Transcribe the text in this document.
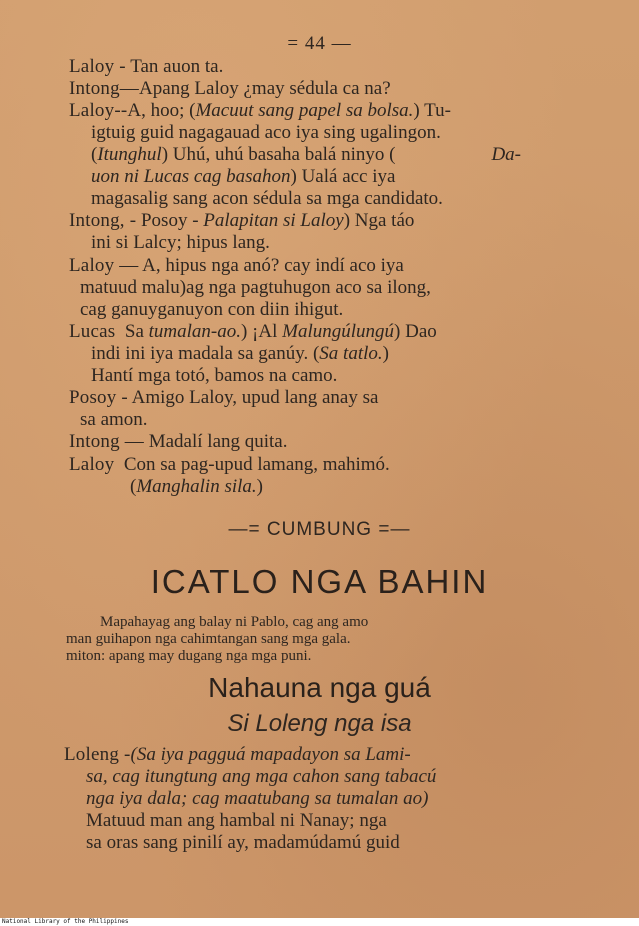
= 44 —
Laloy - Tan auon ta.
Intong—Apang Laloy ¿may sédula ca na?
Laloy--A, hoo; (Macuut sang papel sa bolsa.) Tu-
igtuig guid nagagauad aco iya sing ugalingon.
(Itunghul) Uhú, uhú basaha balá ninyo (	Da-
uon ni Lucas cag basahon) Ualá acc iya
magasalig sang acon sédula sa mga candidato.
Intong, - Posoy - Palapitan si Laloy) Nga táo
ini si Lalcy; hipus lang.
Laloy — A, hipus nga anó? cay indí aco iya
matuud malu)ag nga pagtuhugon aco sa ilong,
cag ganuyganuyon con diin ihigut.
Lucas Sa tumalan-ao.) ¡Al Malungúlungú) Dao
indi ini iya madala sa ganúy. (Sa tatlo.)
Hantí mga totó, bamos na camo.
Posoy - Amigo Laloy, upud lang anay sa
sa amon.
Intong — Madalí lang quita.
Laloy Con sa pag-upud lamang, mahimó.
(Manghalin sila.)
—= CUMBUNG =—
ICATLO NGA BAHIN
Mapahayag ang balay ni Pablo, cag ang amo
man guihapon nga cahimtangan sang mga gala.
miton: apang may dugang nga mga puni.
Nahauna nga guá
Si Loleng nga isa
Loleng -(Sa iya pagguá mapadayon sa Lami-
sa, cag itungtung ang mga cahon sang tabacú
nga iya dala; cag maatubang sa tumalan ao)
Matuud man ang hambal ni Nanay; nga
sa oras sang pinilí ay, madamúdamú guid
National Library of the Philippines
